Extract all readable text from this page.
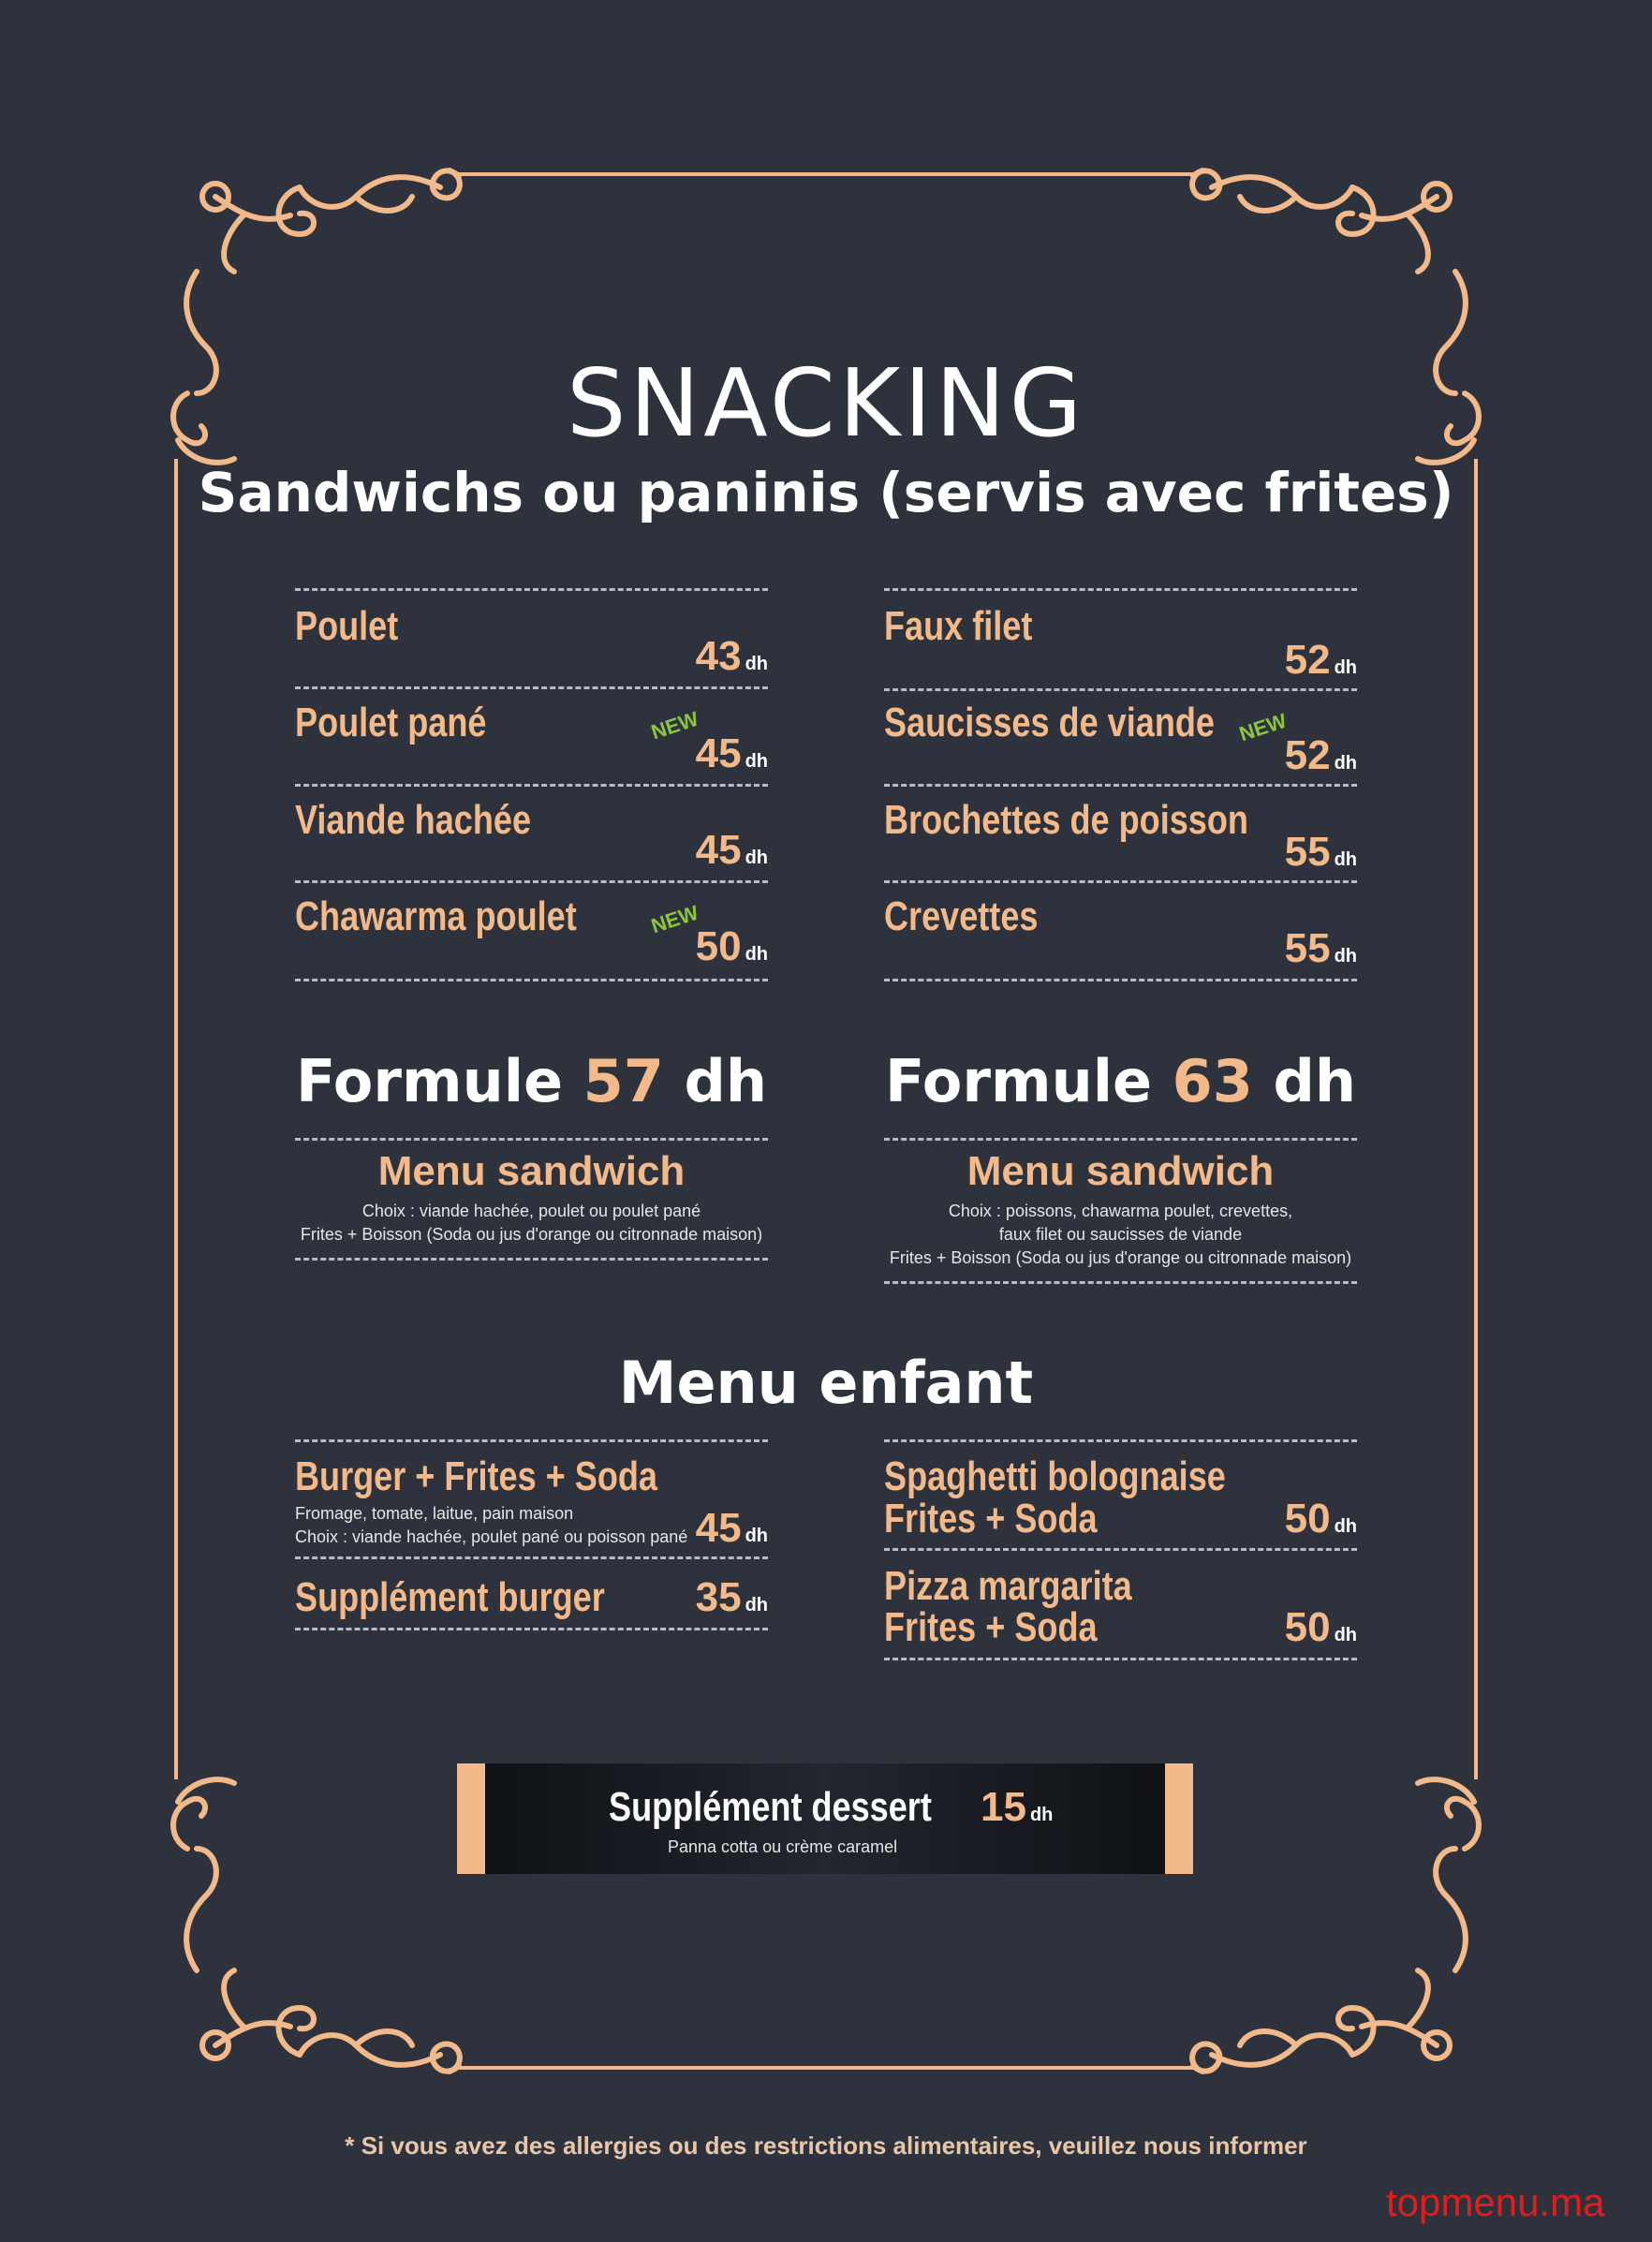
SNACKING
Sandwichs ou paninis (servis avec frites)
Poulet
43 dh
Poulet pané	NEW
45 dh
Viande hachée
45 dh
Chawarma poulet	NEW
50 dh
Faux filet
52 dh
Saucisses de viande NEW
52 dh
Brochettes de poisson
55 dh
Crevettes
55 dh
Formule 57 dh
Menu sandwich
Choix : viande hachée, poulet ou poulet pané
Frites + Boisson (Soda ou jus d'orange ou citronnade maison)
Formule 63 dh
Menu sandwich
Choix : poissons, chawarma poulet, crevettes,
faux filet ou saucisses de viande
Frites + Boisson (Soda ou jus d'orange ou citronnade maison)
Menu enfant
Burger + Frites + Soda
Fromage, tomate, laitue, pain maison
Choix : viande hachée, poulet pané ou poisson pané 45 dh
Supplément burger 35 dh
Spaghetti bolognaise
Frites + Soda	50 dh
Pizza margarita
Frites + Soda	50 dh
Supplément dessert 15 dh
Panna cotta ou crème caramel
* Si vous avez des allergies ou des restrictions alimentaires, veuillez nous informer
topmenu.ma
